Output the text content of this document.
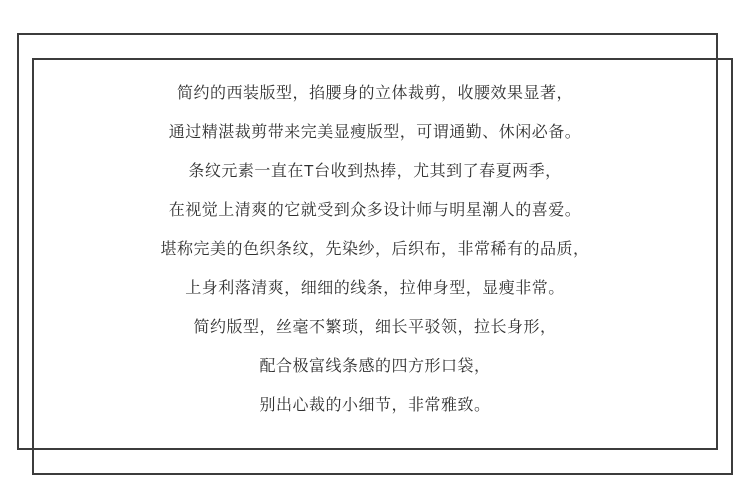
简约的西装版型，掐腰身的立体裁剪，收腰效果显著，

通过精湛裁剪带来完美显瘦版型，可谓通勤、休闲必备。

条纹元素一直在T台收到热捧，尤其到了春夏两季，

在视觉上清爽的它就受到众多设计师与明星潮人的喜爱。

堪称完美的色织条纹，先染纱，后织布，非常稀有的品质，

上身利落清爽，细细的线条，拉伸身型，显瘦非常。

简约版型，丝毫不繁琐，细长平驳领，拉长身形，

配合极富线条感的四方形口袋，

别出心裁的小细节，非常雅致。
